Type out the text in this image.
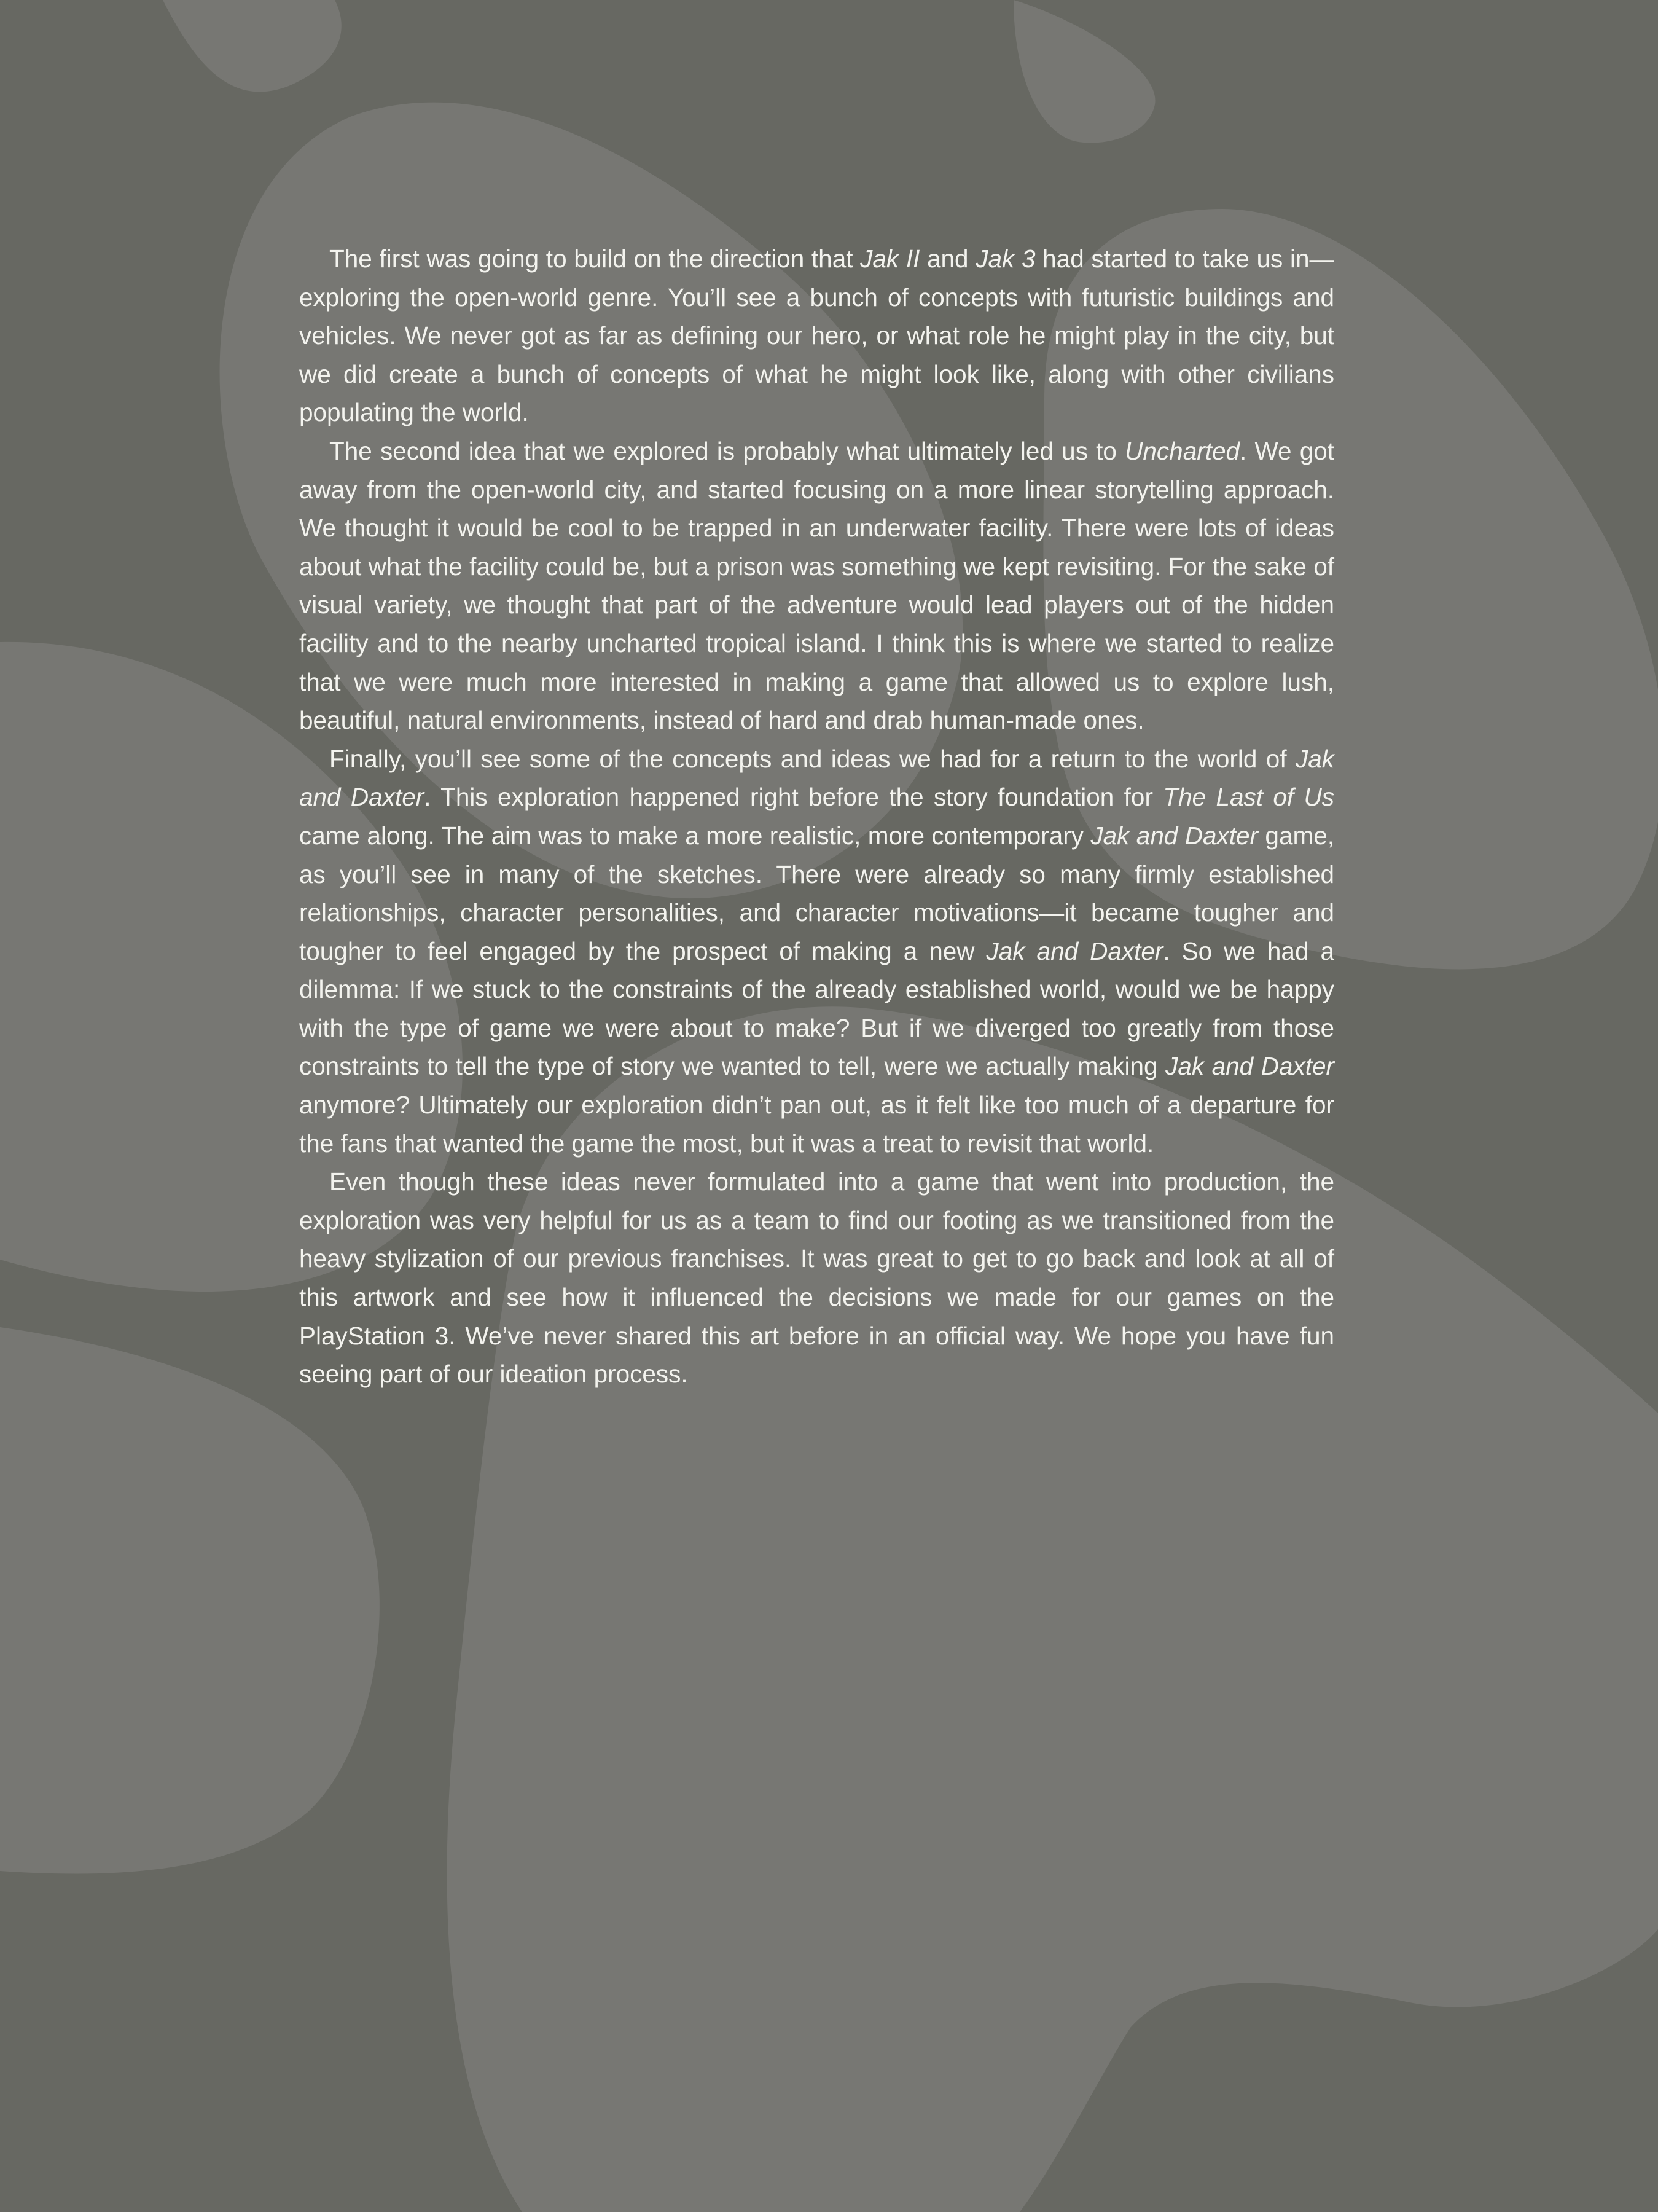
The first was going to build on the direction that Jak II and Jak 3 had started to take us in—exploring the open-world genre. You’ll see a bunch of concepts with futuristic buildings and vehicles. We never got as far as defining our hero, or what role he might play in the city, but we did create a bunch of concepts of what he might look like, along with other civilians populating the world.

The second idea that we explored is probably what ultimately led us to Uncharted. We got away from the open-world city, and started focusing on a more linear storytelling approach. We thought it would be cool to be trapped in an underwater facility. There were lots of ideas about what the facility could be, but a prison was something we kept revisiting. For the sake of visual variety, we thought that part of the adventure would lead players out of the hidden facility and to the nearby uncharted tropical island. I think this is where we started to realize that we were much more interested in making a game that allowed us to explore lush, beautiful, natural environments, instead of hard and drab human-made ones.

Finally, you’ll see some of the concepts and ideas we had for a return to the world of Jak and Daxter. This exploration happened right before the story foundation for The Last of Us came along. The aim was to make a more realistic, more contemporary Jak and Daxter game, as you’ll see in many of the sketches. There were already so many firmly established relationships, character personalities, and character motivations—it became tougher and tougher to feel engaged by the prospect of making a new Jak and Daxter. So we had a dilemma: If we stuck to the constraints of the already established world, would we be happy with the type of game we were about to make? But if we diverged too greatly from those constraints to tell the type of story we wanted to tell, were we actually making Jak and Daxter anymore? Ultimately our exploration didn’t pan out, as it felt like too much of a departure for the fans that wanted the game the most, but it was a treat to revisit that world.

Even though these ideas never formulated into a game that went into production, the exploration was very helpful for us as a team to find our footing as we transitioned from the heavy stylization of our previous franchises. It was great to get to go back and look at all of this artwork and see how it influenced the decisions we made for our games on the PlayStation 3. We’ve never shared this art before in an official way. We hope you have fun seeing part of our ideation process.
